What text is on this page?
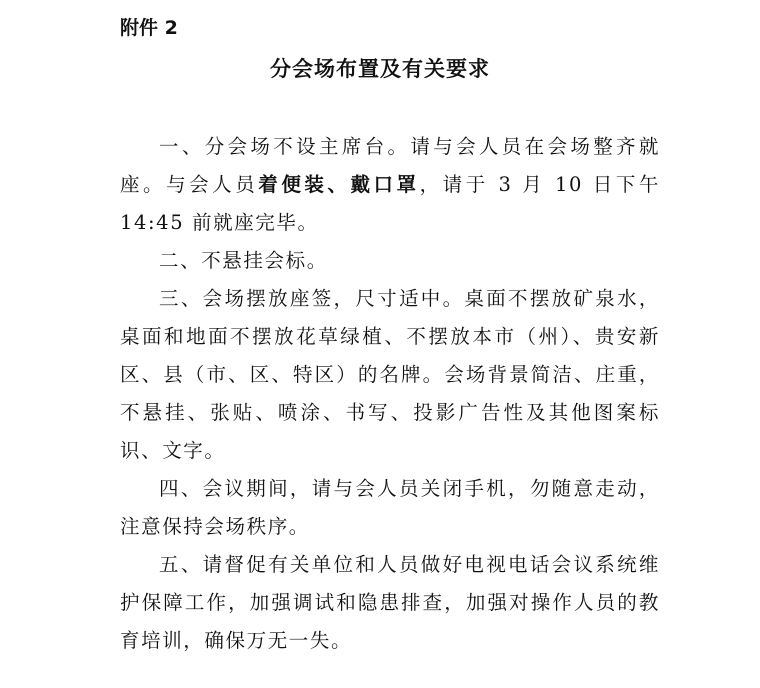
附件 2
分会场布置及有关要求

一、分会场不设主席台。请与会人员在会场整齐就座。与会人员着便装、戴口罩，请于 3 月 10 日下午 14:45 前就座完毕。

二、不悬挂会标。

三、会场摆放座签，尺寸适中。桌面不摆放矿泉水，桌面和地面不摆放花草绿植、不摆放本市（州）、贵安新区、县（市、区、特区）的名牌。会场背景简洁、庄重，不悬挂、张贴、喷涂、书写、投影广告性及其他图案标识、文字。

四、会议期间，请与会人员关闭手机，勿随意走动，注意保持会场秩序。

五、请督促有关单位和人员做好电视电话会议系统维护保障工作，加强调试和隐患排查，加强对操作人员的教育培训，确保万无一失。
